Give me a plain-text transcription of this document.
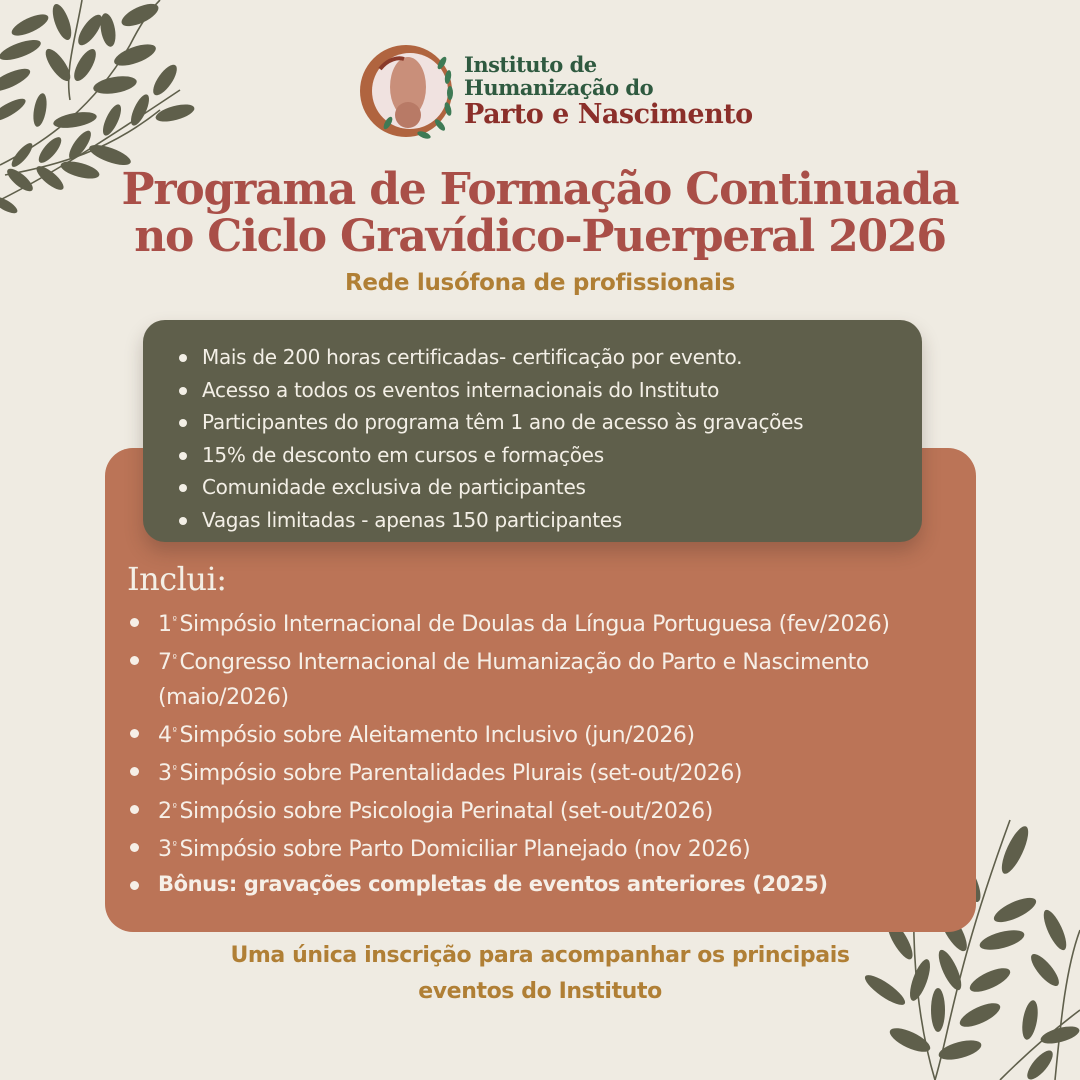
Instituto de
Humanização do
Parto e Nascimento
Programa de Formação Continuada
no Ciclo Gravídico-Puerperal 2026
Rede lusófona de profissionais
Mais de 200 horas certificadas- certificação por evento.
Acesso a todos os eventos internacionais do Instituto
Participantes do programa têm 1 ano de acesso às gravações
15% de desconto em cursos e formações
Comunidade exclusiva de participantes
Vagas limitadas - apenas 150 participantes
Inclui:
$1^º$ Simpósio Internacional de Doulas da Língua Portuguesa (fev/2026)
$7^º$ Congresso Internacional de Humanização do Parto e Nascimento (maio/2026)
$4^º$ Simpósio sobre Aleitamento Inclusivo (jun/2026)
$3^º$ Simpósio sobre Parentalidades Plurais (set-out/2026)
$2^º$ Simpósio sobre Psicologia Perinatal (set-out/2026)
$3^º$ Simpósio sobre Parto Domiciliar Planejado (nov 2026)
Bônus: gravações completas de eventos anteriores (2025)
Uma única inscrição para acompanhar os principais
eventos do Instituto
